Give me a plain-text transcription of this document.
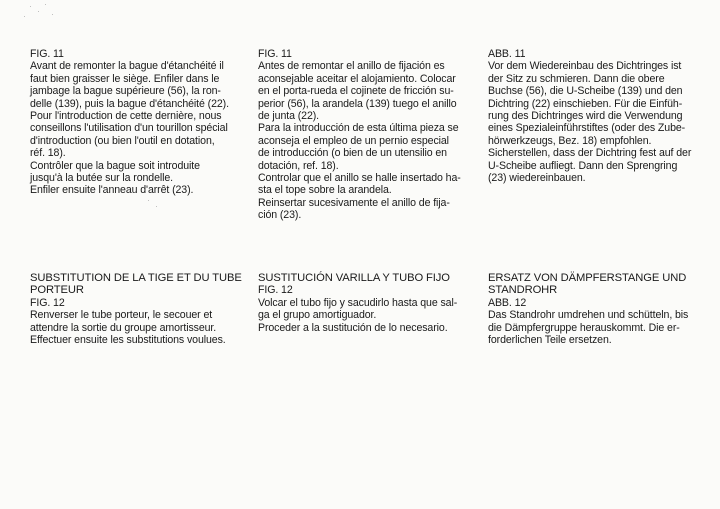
FIG. 11
Avant de remonter la bague d'étanchéité il
faut bien graisser le siège. Enfiler dans le
jambage la bague supérieure (56), la ron-
delle (139), puis la bague d'étanchéité (22).
Pour l'introduction de cette dernière, nous
conseillons l'utilisation d'un tourillon spécial
d'introduction (ou bien l'outil en dotation,
réf. 18).
Contrôler que la bague soit introduite
jusqu'à la butée sur la rondelle.
Enfiler ensuite l'anneau d'arrêt (23).
FIG. 11
Antes de remontar el anillo de fijación es
aconsejable aceitar el alojamiento. Colocar
en el porta-rueda el cojinete de fricción su-
perior (56), la arandela (139) tuego el anillo
de junta (22).
Para la introducción de esta última pieza se
aconseja el empleo de un pernio especial
de introducción (o bien de un utensilio en
dotación, ref. 18).
Controlar que el anillo se halle insertado ha-
sta el tope sobre la arandela.
Reinsertar sucesivamente el anillo de fija-
ción (23).
ABB. 11
Vor dem Wiedereinbau des Dichtringes ist
der Sitz zu schmieren. Dann die obere
Buchse (56), die U-Scheibe (139) und den
Dichtring (22) einschieben. Für die Einfüh-
rung des Dichtringes wird die Verwendung
eines Spezialeinführstiftes (oder des Zube-
hörwerkzeugs, Bez. 18) empfohlen.
Sicherstellen, dass der Dichtring fest auf der
U-Scheibe aufliegt. Dann den Sprengring
(23) wiedereinbauen.
SUBSTITUTION DE LA TIGE ET DU TUBE
PORTEUR
FIG. 12
Renverser le tube porteur, le secouer et
attendre la sortie du groupe amortisseur.
Effectuer ensuite les substitutions voulues.
SUSTITUCIÓN VARILLA Y TUBO FIJO
FIG. 12
Volcar el tubo fijo y sacudirlo hasta que sal-
ga el grupo amortiguador.
Proceder a la sustitución de lo necesario.
ERSATZ VON DÄMPFERSTANGE UND
STANDROHR
ABB. 12
Das Standrohr umdrehen und schütteln, bis
die Dämpfergruppe herauskommt. Die er-
forderlichen Teile ersetzen.
